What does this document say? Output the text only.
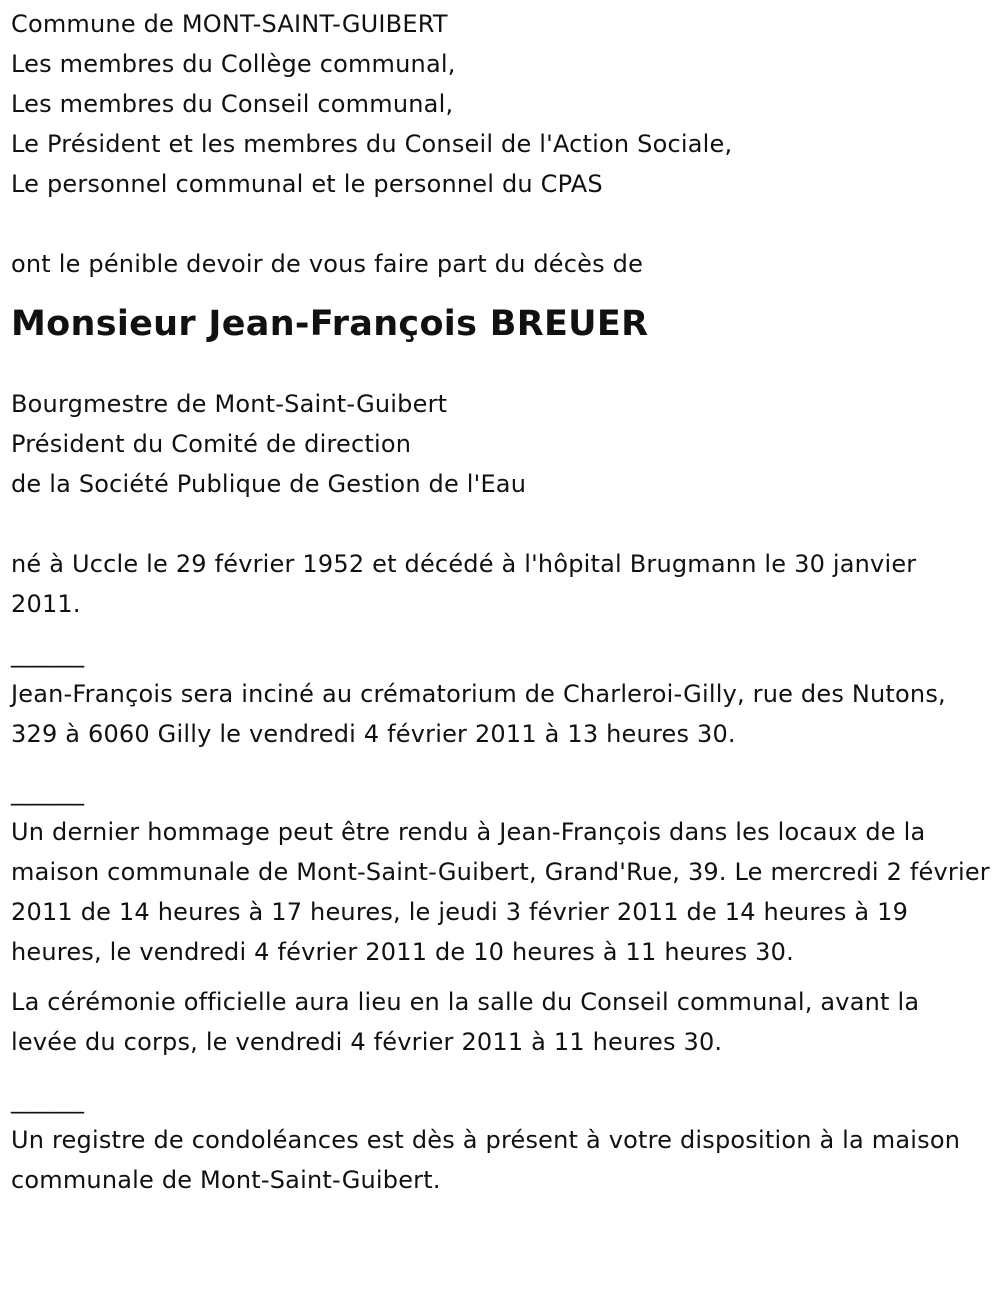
Commune de MONT-SAINT-GUIBERT
Les membres du Collège communal,
Les membres du Conseil communal,
Le Président et les membres du Conseil de l'Action Sociale,
Le personnel communal et le personnel du CPAS
ont le pénible devoir de vous faire part du décès de
Monsieur Jean-François BREUER
Bourgmestre de Mont-Saint-Guibert
Président du Comité de direction
de la Société Publique de Gestion de l'Eau
né à Uccle le 29 février 1952 et décédé à l'hôpital Brugmann le 30 janvier 2011.
______
Jean-François sera inciné au crématorium de Charleroi-Gilly, rue des Nutons, 329 à 6060 Gilly le vendredi 4 février 2011 à 13 heures 30.
______
Un dernier hommage peut être rendu à Jean-François dans les locaux de la maison communale de Mont-Saint-Guibert, Grand'Rue, 39. Le mercredi 2 février 2011 de 14 heures à 17 heures, le jeudi 3 février 2011 de 14 heures à 19 heures, le vendredi 4 février 2011 de 10 heures à 11 heures 30.
La cérémonie officielle aura lieu en la salle du Conseil communal, avant la levée du corps, le vendredi 4 février 2011 à 11 heures 30.
______
Un registre de condoléances est dès à présent à votre disposition à la maison communale de Mont-Saint-Guibert.
